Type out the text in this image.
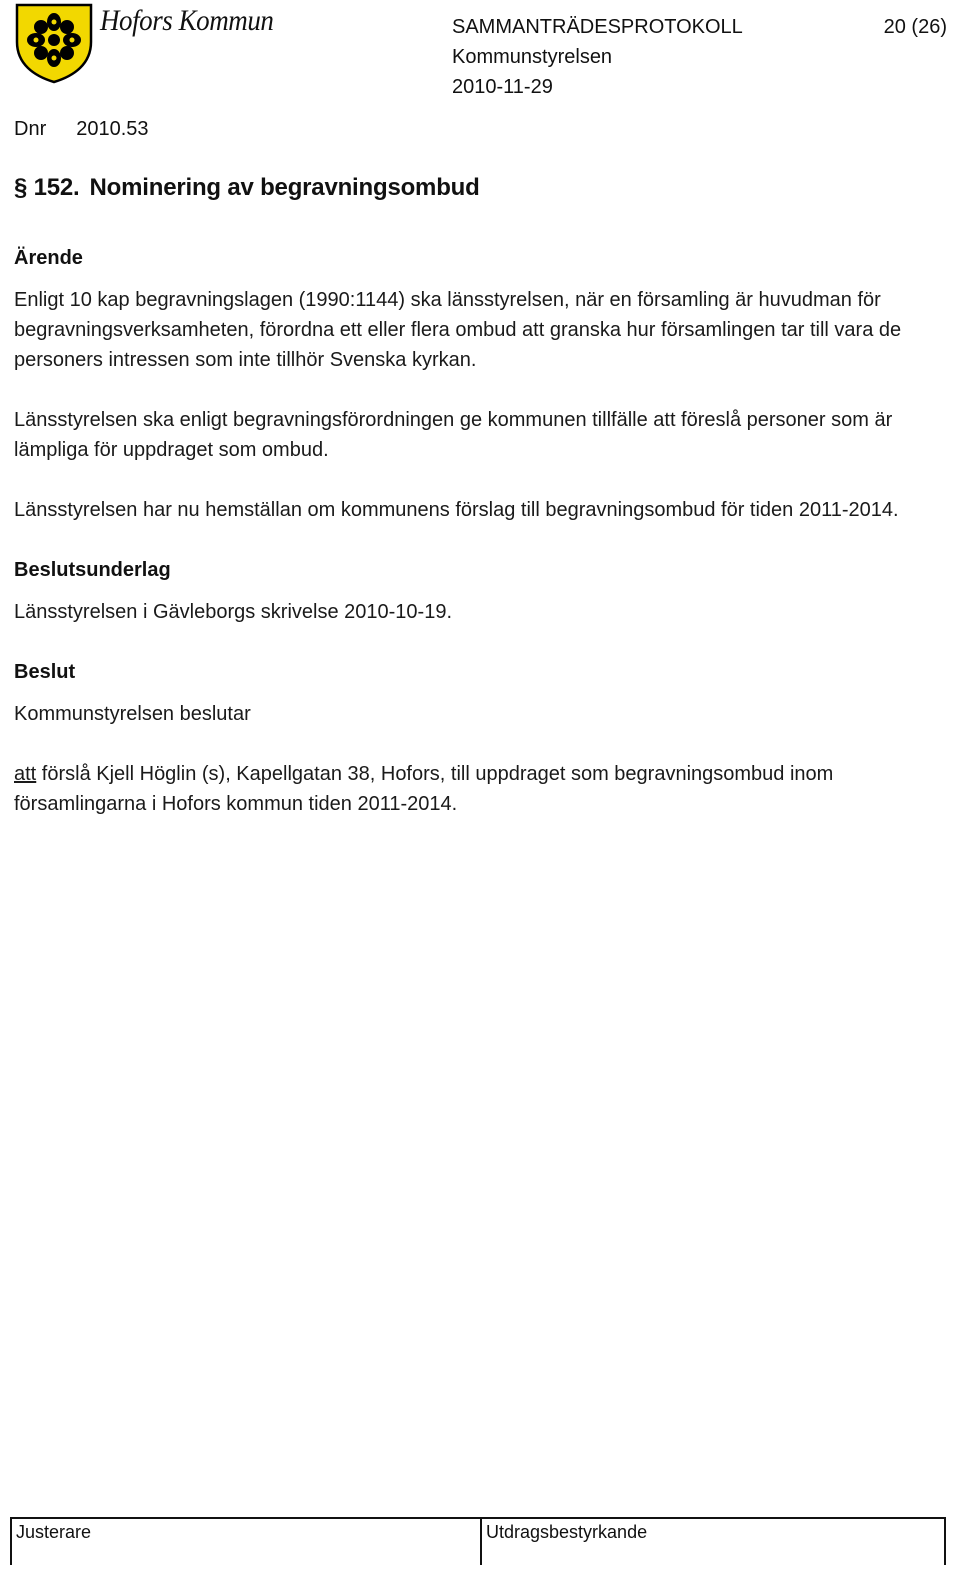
Hofors Kommun	SAMMANTRÄDESPROTOKOLL	20 (26)
Kommunstyrelsen
2010-11-29
Dnr 2010.53
§ 152. Nominering av begravningsombud
Ärende

Enligt 10 kap begravningslagen (1990:1144) ska länsstyrelsen, när en församling är huvudman för begravningsverksamheten, förordna ett eller flera ombud att granska hur församlingen tar till vara de personers intressen som inte tillhör Svenska kyrkan.

Länsstyrelsen ska enligt begravningsförordningen ge kommunen tillfälle att föreslå personer som är lämpliga för uppdraget som ombud.

Länsstyrelsen har nu hemställan om kommunens förslag till begravningsombud för tiden 2011-2014.

Beslutsunderlag

Länsstyrelsen i Gävleborgs skrivelse 2010-10-19.

Beslut

Kommunstyrelsen beslutar

att förslå Kjell Höglin (s), Kapellgatan 38, Hofors, till uppdraget som begravningsombud inom församlingarna i Hofors kommun tiden 2011-2014.

Justerare	Utdragsbestyrkande
